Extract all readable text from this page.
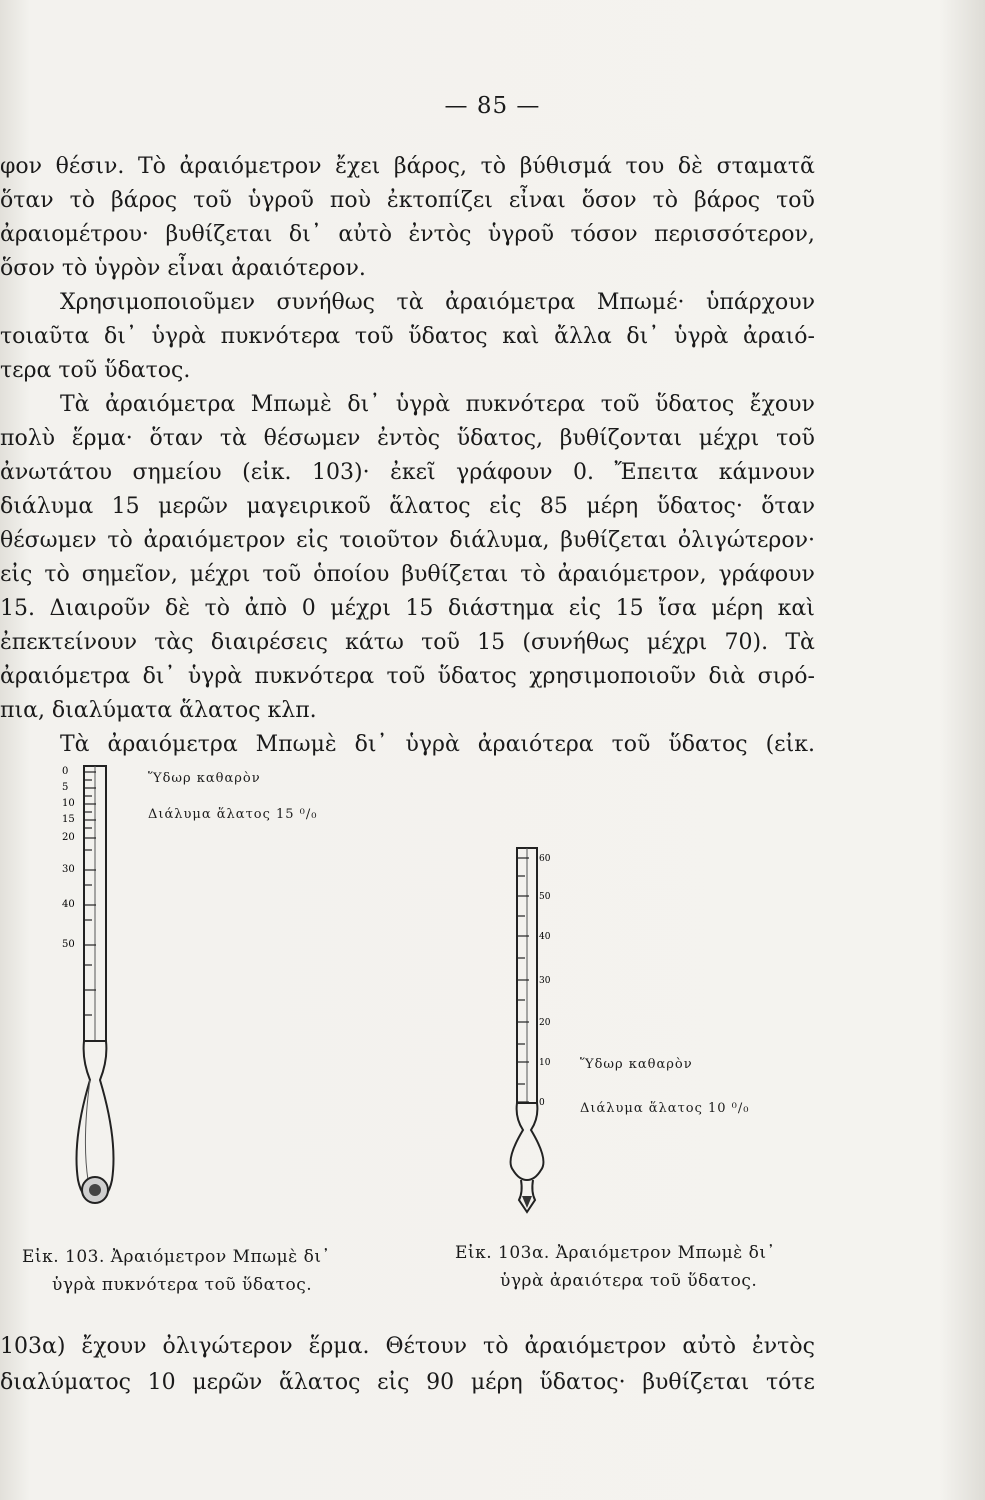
— 85 —
φον θέσιν. Τὸ ἀραιόμετρον ἔχει βάρος, τὸ βύθισμά του δὲ σταματᾶ
ὅταν τὸ βάρος τοῦ ὑγροῦ ποὺ ἐκτοπίζει εἶναι ὅσον τὸ βάρος τοῦ
ἀραιομέτρου· βυθίζεται δι᾽ αὐτὸ ἐντὸς ὑγροῦ τόσον περισσότερον,
ὅσον τὸ ὑγρὸν εἶναι ἀραιότερον.
Χρησιμοποιοῦμεν συνήθως τὰ ἀραιόμετρα Μπωμέ· ὑπάρχουν
τοιαῦτα δι᾽ ὑγρὰ πυκνότερα τοῦ ὕδατος καὶ ἄλλα δι᾽ ὑγρὰ ἀραιό-
τερα τοῦ ὕδατος.
Τὰ ἀραιόμετρα Μπωμὲ δι᾽ ὑγρὰ πυκνότερα τοῦ ὕδατος ἔχουν
πολὺ ἕρμα· ὅταν τὰ θέσωμεν ἐντὸς ὕδατος, βυθίζονται μέχρι τοῦ
ἀνωτάτου σημείου (εἰκ. 103)· ἐκεῖ γράφουν 0. Ἔπειτα κάμνουν
διάλυμα 15 μερῶν μαγειρικοῦ ἅλατος εἰς 85 μέρη ὕδατος· ὅταν
θέσωμεν τὸ ἀραιόμετρον εἰς τοιοῦτον διάλυμα, βυθίζεται ὀλιγώτερον·
εἰς τὸ σημεῖον, μέχρι τοῦ ὁποίου βυθίζεται τὸ ἀραιόμετρον, γράφουν
15. Διαιροῦν δὲ τὸ ἀπὸ 0 μέχρι 15 διάστημα εἰς 15 ἴσα μέρη καὶ
ἐπεκτείνουν τὰς διαιρέσεις κάτω τοῦ 15 (συνήθως μέχρι 70). Τὰ
ἀραιόμετρα δι᾽ ὑγρὰ πυκνότερα τοῦ ὕδατος χρησιμοποιοῦν διὰ σιρό-
πια, διαλύματα ἅλατος κλπ.
Τὰ ἀραιόμετρα Μπωμὲ δι᾽ ὑγρὰ ἀραιότερα τοῦ ὕδατος (εἰκ.
0
5
10
15
20
30
40
50
Ὕδωρ καθαρὸν
Διάλυμα ἅλατος 15 ⁰/₀
Εἰκ. 103. Ἀραιόμετρον Μπωμὲ δι᾽
ὑγρὰ πυκνότερα τοῦ ὕδατος.
60
50
40
30
20
10
0
Ὕδωρ καθαρὸν
Διάλυμα ἅλατος 10 ⁰/₀
Εἰκ. 103α. Ἀραιόμετρον Μπωμὲ δι᾽
ὑγρὰ ἀραιότερα τοῦ ὕδατος.
103α) ἔχουν ὀλιγώτερον ἕρμα. Θέτουν τὸ ἀραιόμετρον αὐτὸ ἐντὸς
διαλύματος 10 μερῶν ἅλατος εἰς 90 μέρη ὕδατος· βυθίζεται τότε
